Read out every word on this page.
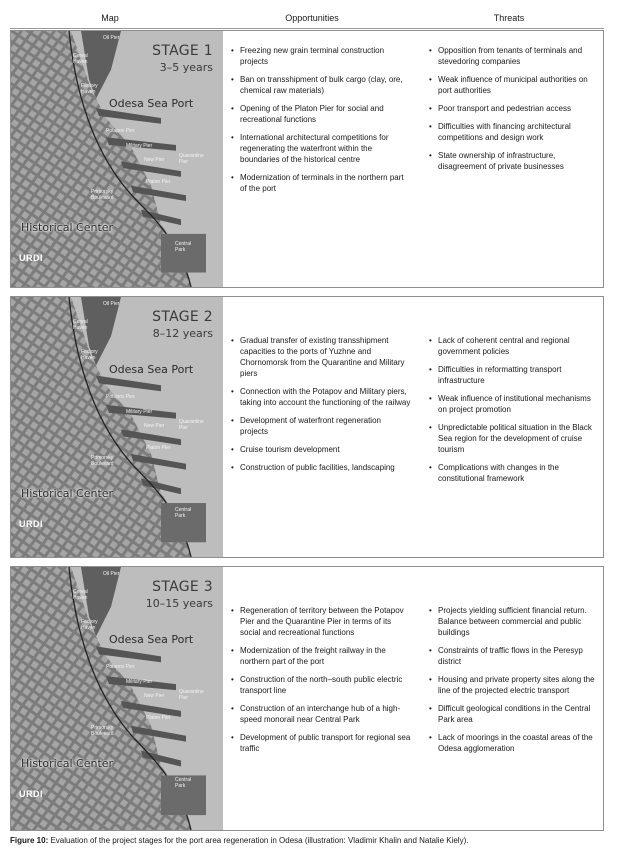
Map	Opportunities	Threats
Oil Pier
Cereal Haven
Factory Haven
Odesa Sea Port
Potapov Pier
Military Pier
New Pier
Quarantine Pier
Platon Pier
Primorsky Boulevard
Historical Center
Central Park
URDI
STAGE 1
3–5 years
• Freezing new grain terminal construction projects
• Ban on transshipment of bulk cargo (clay, ore, chemical raw materials)
• Opening of the Platon Pier for social and recreational functions
• International architectural competitions for regenerating the waterfront within the boundaries of the historical centre
• Modernization of terminals in the northern part of the port
• Opposition from tenants of terminals and stevedoring companies
• Weak influence of municipal authorities on port authorities
• Poor transport and pedestrian access
• Difficulties with financing architectural competitions and design work
• State ownership of infrastructure, disagreement of private businesses
Oil Pier
Cereal Haven
Factory Haven
Odesa Sea Port
Potapov Pier
Military Pier
New Pier
Quarantine Pier
Platon Pier
Primorsky Boulevard
Historical Center
Central Park
URDI
STAGE 2
8–12 years
• Gradual transfer of existing transshipment capacities to the ports of Yuzhne and Chornomorsk from the Quarantine and Military piers
• Connection with the Potapov and Military piers, taking into account the functioning of the railway
• Development of waterfront regeneration projects
• Cruise tourism development
• Construction of public facilities, landscaping
• Lack of coherent central and regional government policies
• Difficulties in reformatting transport infrastructure
• Weak influence of institutional mechanisms on project promotion
• Unpredictable political situation in the Black Sea region for the development of cruise tourism
• Complications with changes in the constitutional framework
Oil Pier
Cereal Haven
Factory Haven
Odesa Sea Port
Potapov Pier
Military Pier
New Pier
Quarantine Pier
Platon Pier
Primorsky Boulevard
Historical Center
Central Park
URDI
STAGE 3
10–15 years
• Regeneration of territory between the Potapov Pier and the Quarantine Pier in terms of its social and recreational functions
• Modernization of the freight railway in the northern part of the port
• Construction of the north–south public electric transport line
• Construction of an interchange hub of a high-speed monorail near Central Park
• Development of public transport for regional sea traffic
• Projects yielding sufficient financial return. Balance between commercial and public buildings
• Constraints of traffic flows in the Peresyp district
• Housing and private property sites along the line of the projected electric transport
• Difficult geological conditions in the Central Park area
• Lack of moorings in the coastal areas of the Odesa agglomeration
Figure 10: Evaluation of the project stages for the port area regeneration in Odesa (illustration: Vladimir Khalin and Natalie Kiely).
